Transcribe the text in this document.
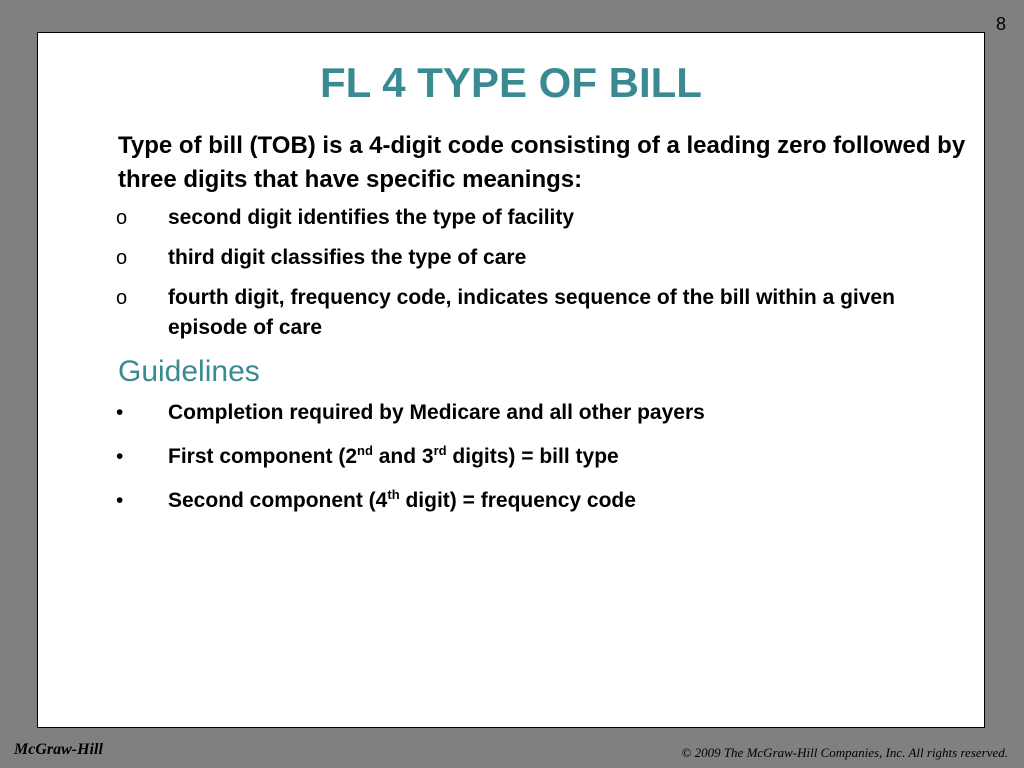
8
FL 4 TYPE OF BILL
Type of bill (TOB) is a 4-digit code consisting of a leading zero followed by three digits that have specific meanings:
o second digit identifies the type of facility
o third digit classifies the type of care
o fourth digit, frequency code, indicates sequence of the bill within a given episode of care
Guidelines
• Completion required by Medicare and all other payers
• First component (2nd and 3rd digits) = bill type
• Second component (4th digit) = frequency code
McGraw-Hill	© 2009 The McGraw-Hill Companies, Inc. All rights reserved.
